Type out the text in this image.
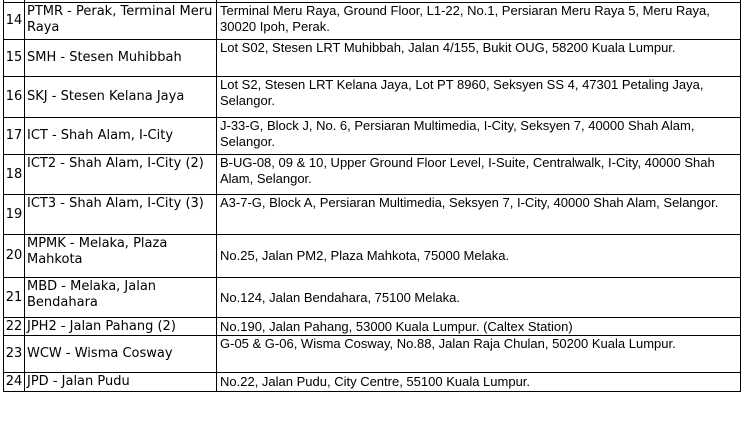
14	PTMR - Perak, Terminal Meru Raya	Terminal Meru Raya, Ground Floor, L1-22, No.1, Persiaran Meru Raya 5, Meru Raya, 30020 Ipoh, Perak.
15	SMH - Stesen Muhibbah	Lot S02, Stesen LRT Muhibbah, Jalan 4/155, Bukit OUG, 58200 Kuala Lumpur.
16	SKJ - Stesen Kelana Jaya	Lot S2, Stesen LRT Kelana Jaya, Lot PT 8960, Seksyen SS 4, 47301 Petaling Jaya, Selangor.
17	ICT - Shah Alam, I-City	J-33-G, Block J, No. 6, Persiaran Multimedia, I-City, Seksyen 7, 40000 Shah Alam, Selangor.
18	ICT2 - Shah Alam, I-City (2)	B-UG-08, 09 & 10, Upper Ground Floor Level, I-Suite, Centralwalk, I-City, 40000 Shah Alam, Selangor.
19	ICT3 - Shah Alam, I-City (3)	A3-7-G, Block A, Persiaran Multimedia, Seksyen 7, I-City, 40000 Shah Alam, Selangor.
20	MPMK - Melaka, Plaza Mahkota	No.25, Jalan PM2, Plaza Mahkota, 75000 Melaka.
21	MBD - Melaka, Jalan Bendahara	No.124, Jalan Bendahara, 75100 Melaka.
22	JPH2 - Jalan Pahang (2)	No.190, Jalan Pahang, 53000 Kuala Lumpur. (Caltex Station)
23	WCW - Wisma Cosway	G-05 & G-06, Wisma Cosway, No.88, Jalan Raja Chulan, 50200 Kuala Lumpur.
24	JPD - Jalan Pudu	No.22, Jalan Pudu, City Centre, 55100 Kuala Lumpur.
